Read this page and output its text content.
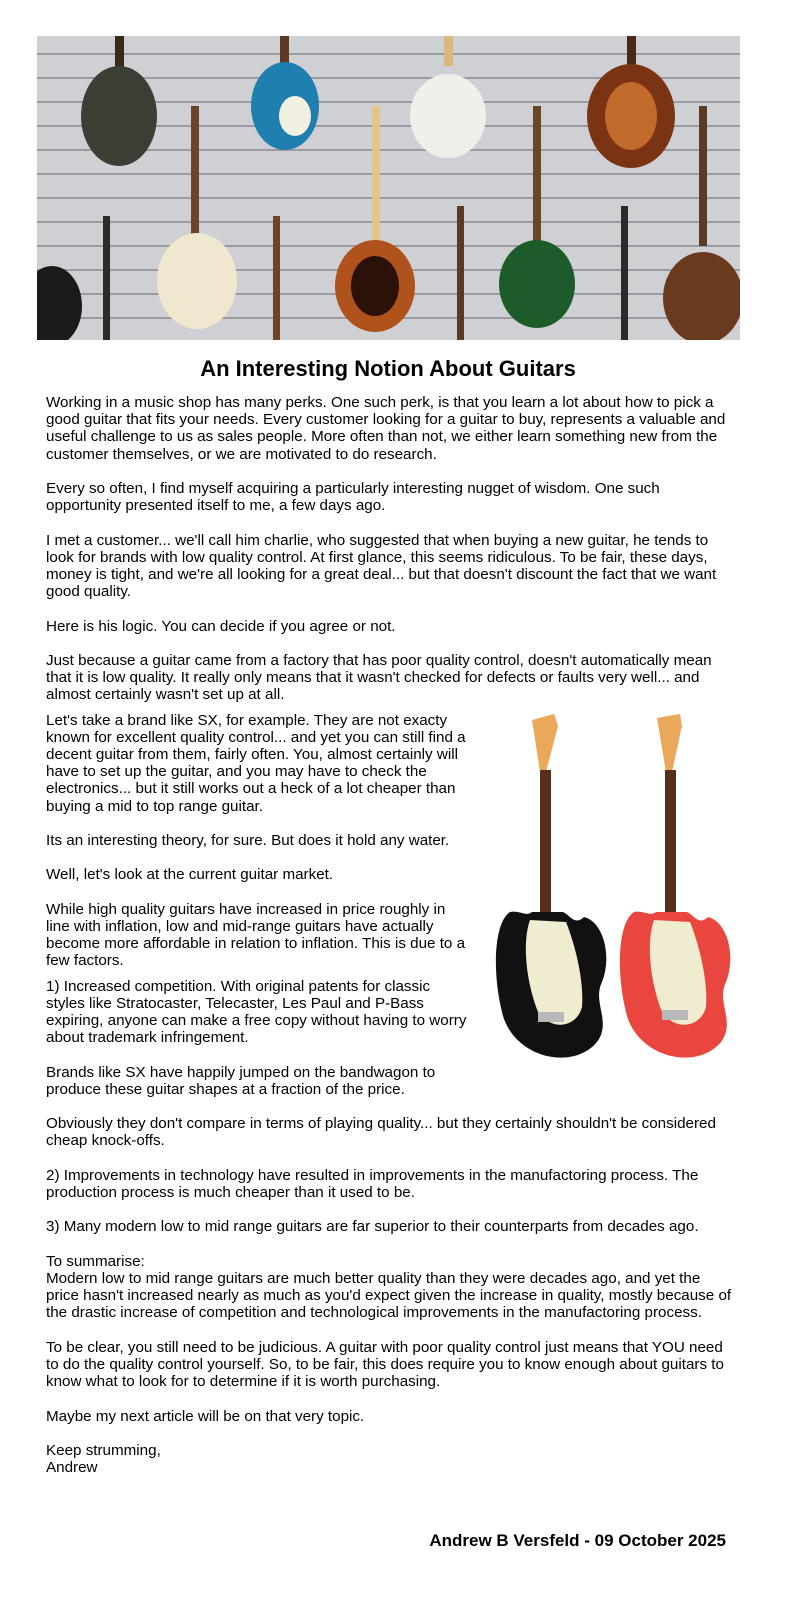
An Interesting Notion About Guitars

Working in a music shop has many perks. One such perk, is that you learn a lot about how to pick a good guitar that fits your needs. Every customer looking for a guitar to buy, represents a valuable and useful challenge to us as sales people. More often than not, we either learn something new from the customer themselves, or we are motivated to do research.

Every so often, I find myself acquiring a particularly interesting nugget of wisdom. One such opportunity presented itself to me, a few days ago.

I met a customer... we'll call him charlie, who suggested that when buying a new guitar, he tends to look for brands with low quality control. At first glance, this seems ridiculous. To be fair, these days, money is tight, and we're all looking for a great deal... but that doesn't discount the fact that we want good quality.

Here is his logic. You can decide if you agree or not.

Just because a guitar came from a factory that has poor quality control, doesn't automatically mean that it is low quality. It really only means that it wasn't checked for defects or faults very well... and almost certainly wasn't set up at all.

Let's take a brand like SX, for example. They are not exacty known for excellent quality control... and yet you can still find a decent guitar from them, fairly often. You, almost certainly will have to set up the guitar, and you may have to check the electronics... but it still works out a heck of a lot cheaper than buying a mid to top range guitar.

Its an interesting theory, for sure. But does it hold any water.

Well, let's look at the current guitar market.

While high quality guitars have increased in price roughly in line with inflation, low and mid-range guitars have actually become more affordable in relation to inflation. This is due to a few factors.

1) Increased competition. With original patents for classic styles like Stratocaster, Telecaster, Les Paul and P-Bass expiring, anyone can make a free copy without having to worry about trademark infringement.

Brands like SX have happily jumped on the bandwagon to produce these guitar shapes at a fraction of the price.

Obviously they don't compare in terms of playing quality... but they certainly shouldn't be considered cheap knock-offs.

2) Improvements in technology have resulted in improvements in the manufactoring process. The production process is much cheaper than it used to be.

3) Many modern low to mid range guitars are far superior to their counterparts from decades ago.

To summarise:
Modern low to mid range guitars are much better quality than they were decades ago, and yet the price hasn't increased nearly as much as you'd expect given the increase in quality, mostly because of the drastic increase of competition and technological improvements in the manufactoring process.

To be clear, you still need to be judicious. A guitar with poor quality control just means that YOU need to do the quality control yourself. So, to be fair, this does require you to know enough about guitars to know what to look for to determine if it is worth purchasing.

Maybe my next article will be on that very topic.

Keep strumming,
Andrew

Andrew B Versfeld - 09 October 2025
